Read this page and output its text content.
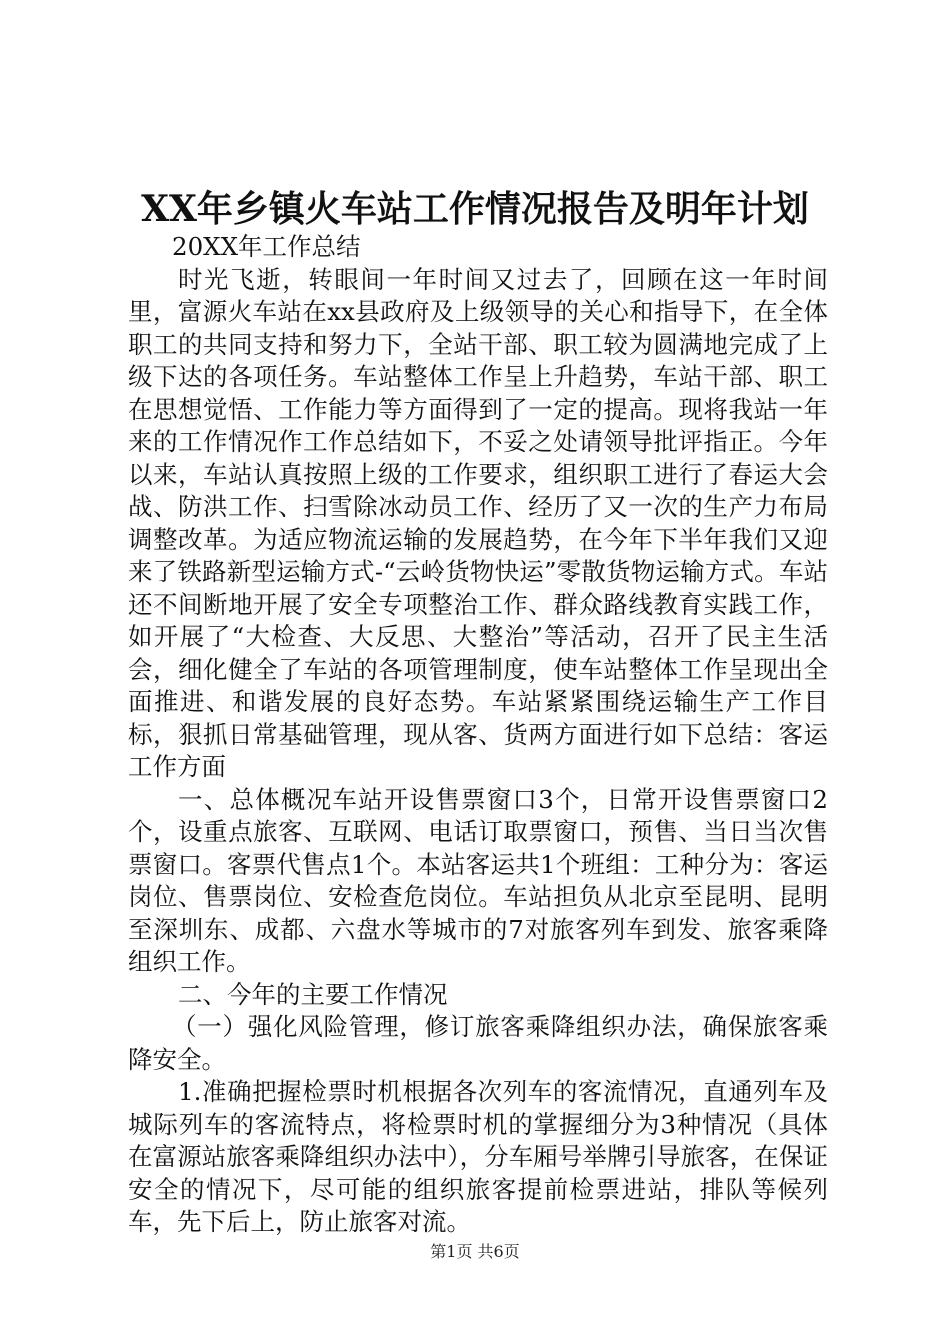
XX年乡镇火车站工作情况报告及明年计划

20XX年工作总结

时光飞逝，转眼间一年时间又过去了，回顾在这一年时间里，富源火车站在xx县政府及上级领导的关心和指导下，在全体职工的共同支持和努力下，全站干部、职工较为圆满地完成了上级下达的各项任务。车站整体工作呈上升趋势，车站干部、职工在思想觉悟、工作能力等方面得到了一定的提高。现将我站一年来的工作情况作工作总结如下，不妥之处请领导批评指正。今年以来，车站认真按照上级的工作要求，组织职工进行了春运大会战、防洪工作、扫雪除冰动员工作、经历了又一次的生产力布局调整改革。为适应物流运输的发展趋势，在今年下半年我们又迎来了铁路新型运输方式-“云岭货物快运”零散货物运输方式。车站还不间断地开展了安全专项整治工作、群众路线教育实践工作，如开展了“大检查、大反思、大整治”等活动，召开了民主生活会，细化健全了车站的各项管理制度，使车站整体工作呈现出全面推进、和谐发展的良好态势。车站紧紧围绕运输生产工作目标，狠抓日常基础管理，现从客、货两方面进行如下总结：客运工作方面

一、总体概况车站开设售票窗口3个，日常开设售票窗口2个，设重点旅客、互联网、电话订取票窗口，预售、当日当次售票窗口。客票代售点1个。本站客运共1个班组：工种分为：客运岗位、售票岗位、安检查危岗位。车站担负从北京至昆明、昆明至深圳东、成都、六盘水等城市的7对旅客列车到发、旅客乘降组织工作。

二、今年的主要工作情况

（一）强化风险管理，修订旅客乘降组织办法，确保旅客乘降安全。

1.准确把握检票时机根据各次列车的客流情况，直通列车及城际列车的客流特点，将检票时机的掌握细分为3种情况（具体在富源站旅客乘降组织办法中），分车厢号举牌引导旅客，在保证安全的情况下，尽可能的组织旅客提前检票进站，排队等候列车，先下后上，防止旅客对流。

第1页 共6页
